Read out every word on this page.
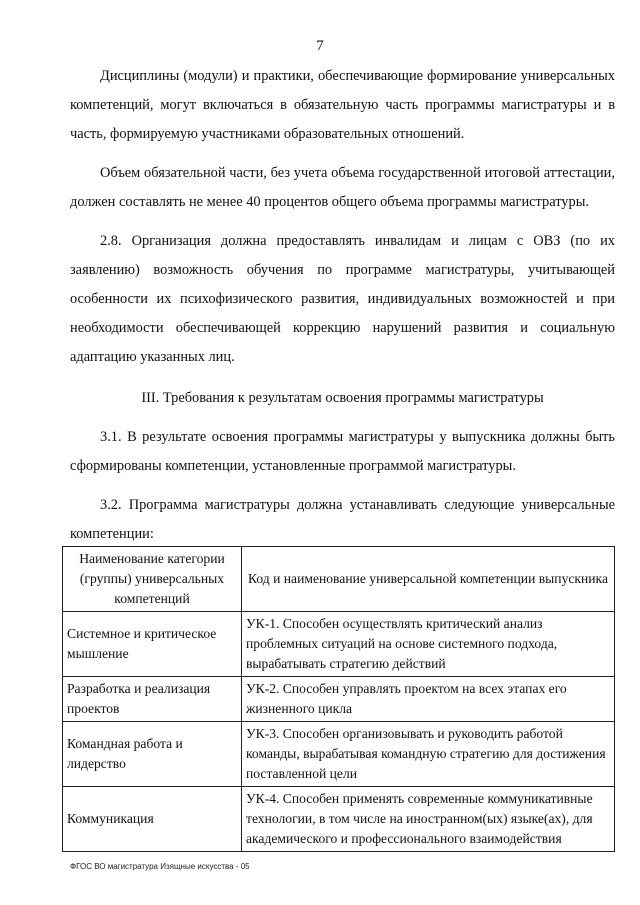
7

Дисциплины (модули) и практики, обеспечивающие формирование универсальных компетенций, могут включаться в обязательную часть программы магистратуры и в часть, формируемую участниками образовательных отношений.

Объем обязательной части, без учета объема государственной итоговой аттестации, должен составлять не менее 40 процентов общего объема программы магистратуры.

2.8. Организация должна предоставлять инвалидам и лицам с ОВЗ (по их заявлению) возможность обучения по программе магистратуры, учитывающей особенности их психофизического развития, индивидуальных возможностей и при необходимости обеспечивающей коррекцию нарушений развития и социальную адаптацию указанных лиц.

III. Требования к результатам освоения программы магистратуры

3.1. В результате освоения программы магистратуры у выпускника должны быть сформированы компетенции, установленные программой магистратуры.

3.2. Программа магистратуры должна устанавливать следующие универсальные компетенции:

Наименование категории (группы) универсальных компетенций	Код и наименование универсальной компетенции выпускника
Системное и критическое мышление	УК-1. Способен осуществлять критический анализ проблемных ситуаций на основе системного подхода, вырабатывать стратегию действий
Разработка и реализация проектов	УК-2. Способен управлять проектом на всех этапах его жизненного цикла
Командная работа и лидерство	УК-3. Способен организовывать и руководить работой команды, вырабатывая командную стратегию для достижения поставленной цели
Коммуникация	УК-4. Способен применять современные коммуникативные технологии, в том числе на иностранном(ых) языке(ах), для академического и профессионального взаимодействия
ФГОС ВО магистратура Изящные искусства - 05
